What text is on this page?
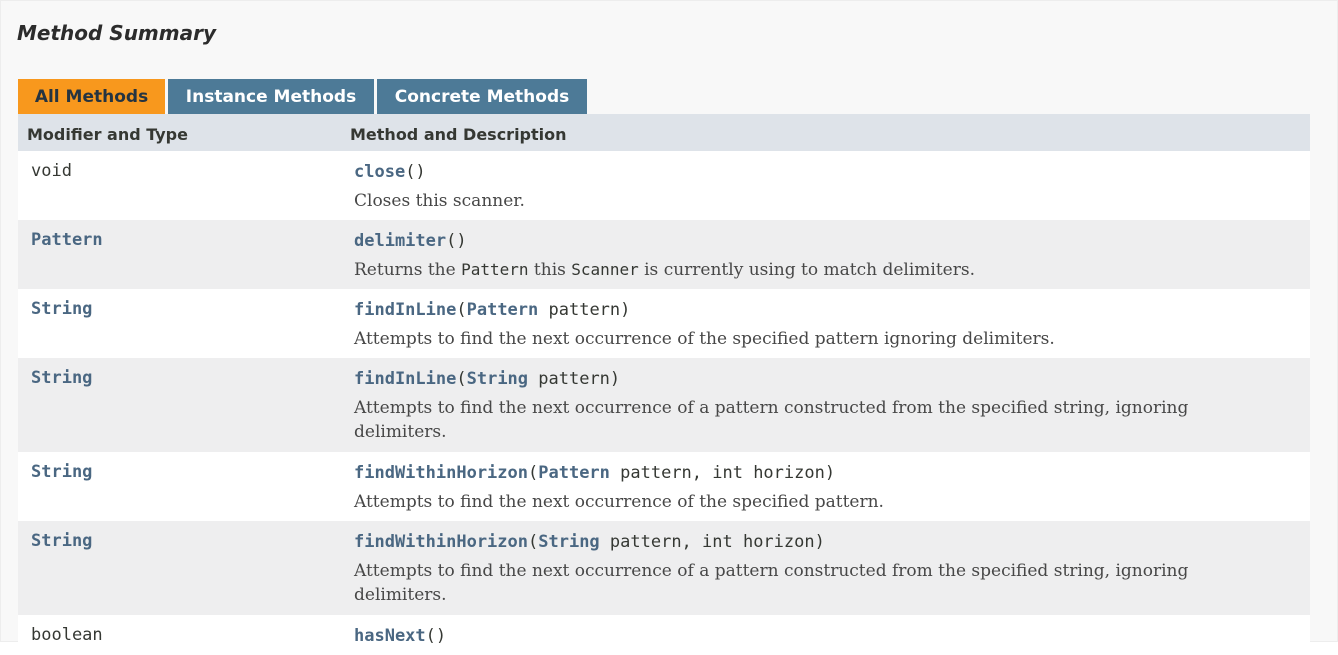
Method Summary
All Methods	Instance Methods	Concrete Methods
Modifier and Type	Method and Description
void	close()
Closes this scanner.
Pattern	delimiter()
Returns the Pattern this Scanner is currently using to match delimiters.
String	findInLine(Pattern pattern)
Attempts to find the next occurrence of the specified pattern ignoring delimiters.
String	findInLine(String pattern)
Attempts to find the next occurrence of a pattern constructed from the specified string, ignoring delimiters.
String	findWithinHorizon(Pattern pattern, int horizon)
Attempts to find the next occurrence of the specified pattern.
String	findWithinHorizon(String pattern, int horizon)
Attempts to find the next occurrence of a pattern constructed from the specified string, ignoring delimiters.
boolean	hasNext()
